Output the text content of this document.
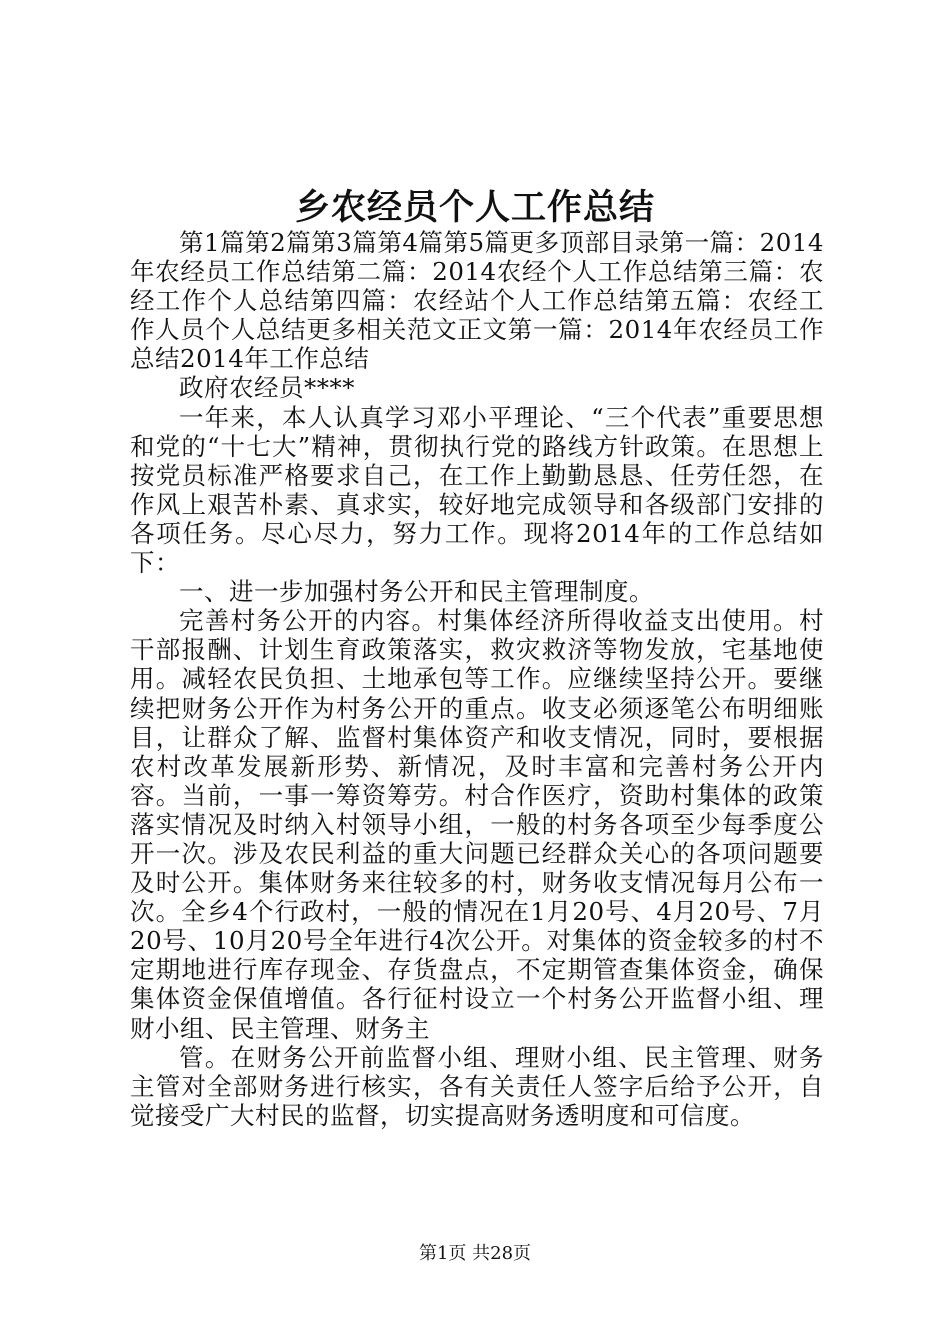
乡农经员个人工作总结

第1篇第2篇第3篇第4篇第5篇更多顶部目录第一篇：2014年农经员工作总结第二篇：2014农经个人工作总结第三篇：农经工作个人总结第四篇：农经站个人工作总结第五篇：农经工作人员个人总结更多相关范文正文第一篇：2014年农经员工作总结2014年工作总结

政府农经员****

一年来，本人认真学习邓小平理论、“三个代表”重要思想和党的“十七大”精神，贯彻执行党的路线方针政策。在思想上按党员标准严格要求自己，在工作上勤勤恳恳、任劳任怨，在作风上艰苦朴素、真求实，较好地完成领导和各级部门安排的各项任务。尽心尽力，努力工作。现将2014年的工作总结如下：

一、进一步加强村务公开和民主管理制度。

完善村务公开的内容。村集体经济所得收益支出使用。村干部报酬、计划生育政策落实，救灾救济等物发放，宅基地使用。减轻农民负担、土地承包等工作。应继续坚持公开。要继续把财务公开作为村务公开的重点。收支必须逐笔公布明细账目，让群众了解、监督村集体资产和收支情况，同时，要根据农村改革发展新形势、新情况，及时丰富和完善村务公开内容。当前，一事一筹资筹劳。村合作医疗，资助村集体的政策落实情况及时纳入村领导小组，一般的村务各项至少每季度公开一次。涉及农民利益的重大问题已经群众关心的各项问题要及时公开。集体财务来往较多的村，财务收支情况每月公布一次。全乡4个行政村，一般的情况在1月20号、4月20号、7月20号、10月20号全年进行4次公开。对集体的资金较多的村不定期地进行库存现金、存货盘点，不定期管查集体资金，确保集体资金保值增值。各行征村设立一个村务公开监督小组、理财小组、民主管理、财务主

管。在财务公开前监督小组、理财小组、民主管理、财务主管对全部财务进行核实，各有关责任人签字后给予公开，自觉接受广大村民的监督，切实提高财务透明度和可信度。

第1页 共28页
